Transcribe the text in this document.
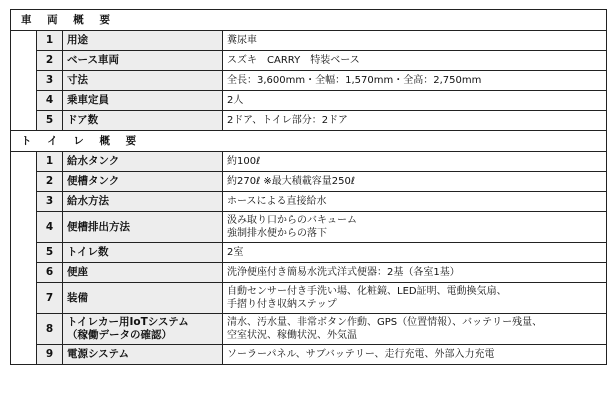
車 両 概 要			
	1	用途	糞尿車
	2	ベース車両	スズキ　CARRY　特装ベース
	3	寸法	全長：3,600mm・全幅：1,570mm・全高：2,750mm
	4	乗車定員	2人
	5	ドア数	2ドア、トイレ部分：2ドア
ト イ レ 概 要			
	1	給水タンク	約100ℓ
	2	便槽タンク	約270ℓ ※最大積載容量250ℓ
	3	給水方法	ホースによる直接給水
	4	便槽排出方法	汲み取り口からのバキューム
強制排水便からの落下

	5	トイレ数	2室
	6	便座	洗浄便座付き簡易水洗式洋式便器：2基（各室1基）
	7	装備	自動センサー付き手洗い場、化粧鏡、LED証明、電動換気扇、
手摺り付き収納ステップ

	8	トイレカー用IoTシステム
（稼働データの確認）	清水、汚水量、非常ボタン作動、GPS（位置情報）、バッテリー残量、
空室状況、稼働状況、外気温

	9	電源システム	ソーラーパネル、サブバッテリー、走行充電、外部入力充電
